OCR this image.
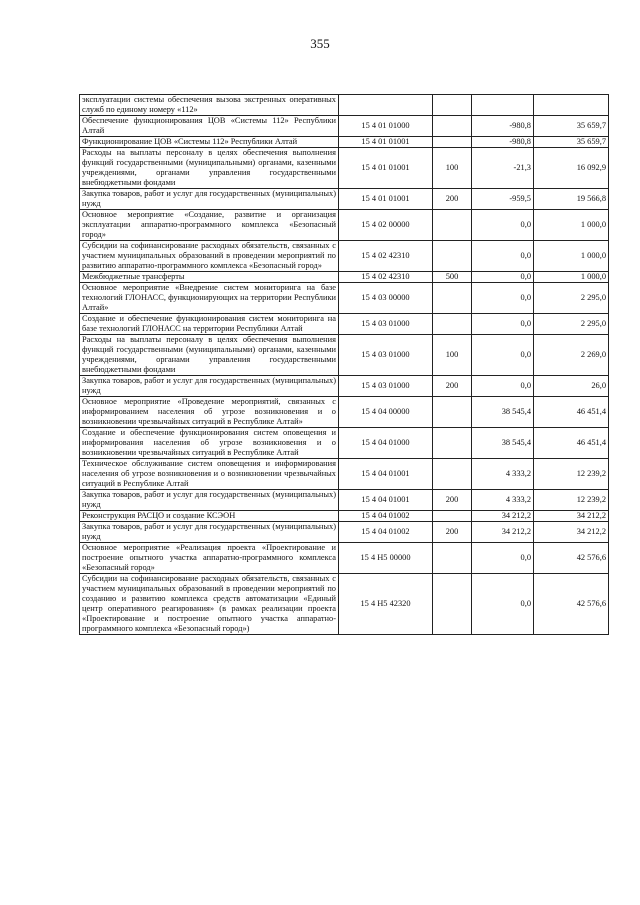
355
эксплуатации системы обеспечения вызова экстренных оперативных служб по единому номеру «112»				
Обеспечение функционирования ЦОВ «Системы 112» Республики Алтай	15 4 01 01000		-980,8	35 659,7
Функционирование ЦОВ «Системы 112» Республики Алтай	15 4 01 01001		-980,8	35 659,7
Расходы на выплаты персоналу в целях обеспечения выполнения функций государственными (муниципальными) органами, казенными учреждениями, органами управления государственными внебюджетными фондами	15 4 01 01001	100	-21,3	16 092,9
Закупка товаров, работ и услуг для государственных (муниципальных) нужд	15 4 01 01001	200	-959,5	19 566,8
Основное мероприятие «Создание, развитие и организация эксплуатации аппаратно-программного комплекса «Безопасный город»	15 4 02 00000		0,0	1 000,0
Субсидии на софинансирование расходных обязательств, связанных с участием муниципальных образований в проведении мероприятий по развитию аппаратно-программного комплекса «Безопасный город»	15 4 02 42310		0,0	1 000,0
Межбюджетные трансферты	15 4 02 42310	500	0,0	1 000,0
Основное мероприятие «Внедрение систем мониторинга на базе технологий ГЛОНАСС, функционирующих на территории Республики Алтай»	15 4 03 00000		0,0	2 295,0
Создание и обеспечение функционирования систем мониторинга на базе технологий ГЛОНАСС на территории Республики Алтай	15 4 03 01000		0,0	2 295,0
Расходы на выплаты персоналу в целях обеспечения выполнения функций государственными (муниципальными) органами, казенными учреждениями, органами управления государственными внебюджетными фондами	15 4 03 01000	100	0,0	2 269,0
Закупка товаров, работ и услуг для государственных (муниципальных) нужд	15 4 03 01000	200	0,0	26,0
Основное мероприятие «Проведение мероприятий, связанных с информированием населения об угрозе возникновения и о возникновении чрезвычайных ситуаций в Республике Алтай»	15 4 04 00000		38 545,4	46 451,4
Создание и обеспечение функционирования систем оповещения и информирования населения об угрозе возникновения и о возникновении чрезвычайных ситуаций в Республике Алтай	15 4 04 01000		38 545,4	46 451,4
Техническое обслуживание систем оповещения и информирования населения об угрозе возникновения и о возникновении чрезвычайных ситуаций в Республике Алтай	15 4 04 01001		4 333,2	12 239,2
Закупка товаров, работ и услуг для государственных (муниципальных) нужд	15 4 04 01001	200	4 333,2	12 239,2
Реконструкция РАСЦО и создание КСЭОН	15 4 04 01002		34 212,2	34 212,2
Закупка товаров, работ и услуг для государственных (муниципальных) нужд	15 4 04 01002	200	34 212,2	34 212,2
Основное мероприятие «Реализация проекта «Проектирование и построение опытного участка аппаратно-программного комплекса «Безопасный город»	15 4 H5 00000		0,0	42 576,6
Субсидии на софинансирование расходных обязательств, связанных с участием муниципальных образований в проведении мероприятий по созданию и развитию комплекса средств автоматизации «Единый центр оперативного реагирования» (в рамках реализации проекта «Проектирование и построение опытного участка аппаратно-программного комплекса «Безопасный город»)	15 4 H5 42320		0,0	42 576,6
